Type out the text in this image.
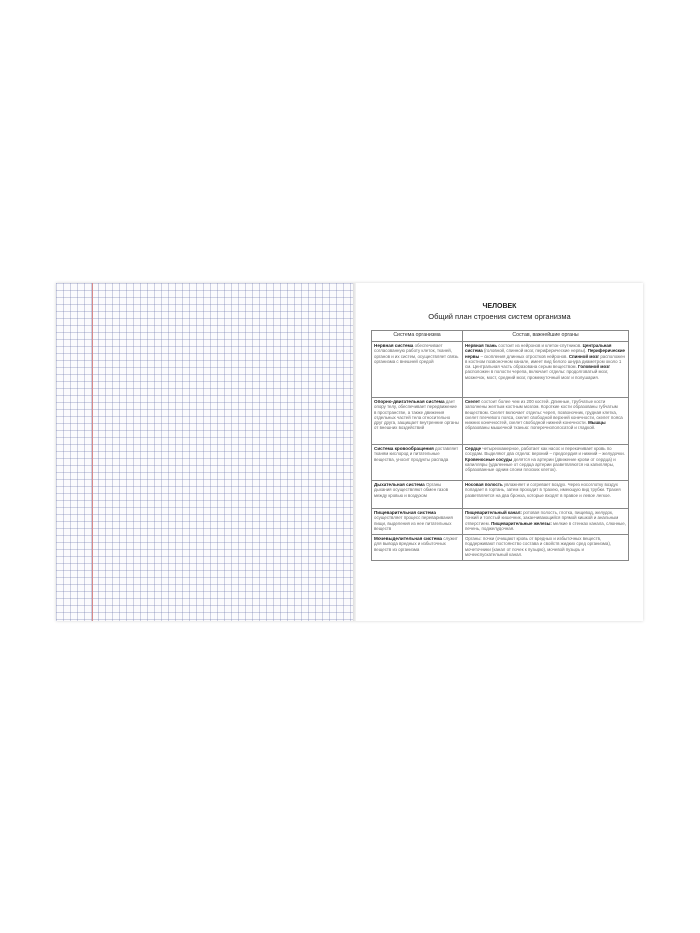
ЧЕЛОВЕК
Общий план строения систем организма
Система организма	Состав, важнейшие органы
Нервная система обеспечивает согласованную работу клеток, тканей, органов и их систем, осуществляет связь организма с внешней средой	Нервная ткань состоит из нейронов и клеток-спутников. Центральная система (головной, спинной мозг, периферические нервы). Периферические нервы – скопления длинных отростков нейронов. Спинной мозг расположен в костном позвоночном канале, имеет вид белого шнура диаметром около 1 см. Центральная часть образована серым веществом. Головной мозг расположен в полости черепа, включает отделы: продолговатый мозг, мозжечок, мост, средний мозг, промежуточный мозг и полушария.
Опорно-двигательная система дает опору телу, обеспечивает передвижение в пространстве, а также движения отдельных частей тела относительно друг друга, защищает внутренние органы от внешних воздействий	Скелет состоит более чем из 200 костей. Длинные, трубчатые кости заполнены желтым костным мозгом. Короткие кости образованы губчатым веществом. Скелет включает отделы: череп, позвоночник, грудная клетка, скелет плечевого пояса, скелет свободной верхней конечности, скелет пояса нижних конечностей, скелет свободной нижней конечности. Мышцы образованы мышечной тканью: поперечнополосатой и гладкой.
Система кровообращения доставляет тканям кислород и питательные вещества, уносит продукты распада	Сердце четырехкамерное, работает как насос и перекачивает кровь по сосудам. Выделяют два отдела: верхний – предсердия и нижний – желудочки. Кровеносные сосуды делятся на артерии (движение крови от сердца) и капилляры (удаленные от сердца артерии разветвляются на капилляры, образованные одним слоем плоских клеток).
Дыхательная система Органы дыхания осуществляют обмен газов между кровью и воздухом	Носовая полость увлажняет и согревает воздух. Через носоглотку воздух попадает в гортань, затем проходит в трахею, имеющую вид трубки. Трахея разветвляется на два бронха, которые входят в правое и левое легкое.
Пищеварительная система осуществляет процесс переваривания пищи, выделения из нее питательных веществ	Пищеварительный канал: ротовая полость, глотка, пищевод, желудок, тонкий и толстый кишечник, заканчивающийся прямой кишкой и анальным отверстием. Пищеварительные железы: мелкие в стенках канала, слюнные, печень, поджелудочная.
Мочевыделительная система служит для вывода вредных и избыточных веществ из организма	Органы: почки (очищают кровь от вредных и избыточных веществ, поддерживают постоянство состава и свойств жидких сред организма), мочеточники (канал от почек к пузырю), мочевой пузырь и мочеиспускательный канал.
